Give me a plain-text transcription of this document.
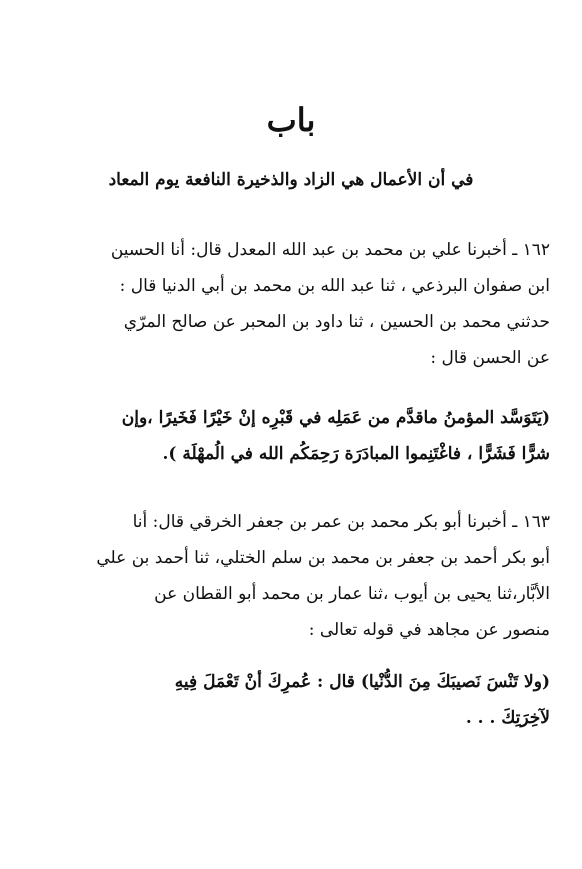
باب
في أن الأعمال هي الزاد والذخيرة النافعة يوم المعاد

١٦٢ ـ أخبرنا علي بن محمد بن عبد الله المعدل قال: أنا الحسين
ابن صفوان البرذعي ، ثنا عبد الله بن محمد بن أبي الدنيا قال :
حدثني محمد بن الحسين ، ثنا داود بن المحبر عن صالح المرّي
عن الحسن قال :

(يَتَوَسَّد المؤمنُ ماقدَّم من عَمَلِه في قَبْرِه إنْ خَيْرًا فَخَيرًا ،وإن
شرًّا فَشَرًّا ، فاغْتَنِموا المبادَرَة رَحِمَكُم الله في الُمهْلَة ).

١٦٣ ـ أخبرنا أبو بكر محمد بن عمر بن جعفر الخرقي قال: أنا
أبو بكر أحمد بن جعفر بن محمد بن سلم الختلي، ثنا أحمد بن علي
الأبَّار،ثنا يحيى بن أيوب ،ثنا عمار بن محمد أبو القطان عن
منصور عن مجاهد في قوله تعالى :

(ولا تَنْسَ نَصيبَكَ مِنَ الدُّنْيا) قال : عُمرِكَ أنْ تَعْمَلَ فِيهِ
لآخِرَتِكَ . . .
